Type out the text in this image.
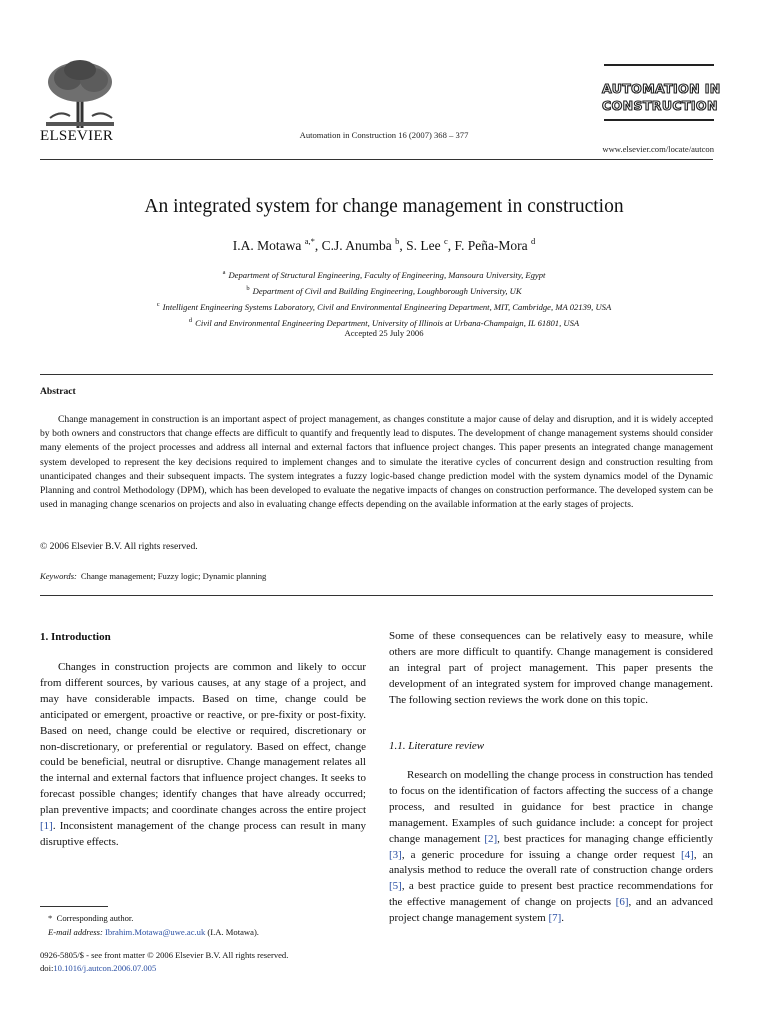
ELSEVIER	Automation in Construction 16 (2007) 368 – 377
AUTOMATION IN
CONSTRUCTION
www.elsevier.com/locate/autcon
An integrated system for change management in construction
I.A. Motawa $^{a,*}$, C.J. Anumba $^b$, S. Lee $^c$, F. Peña-Mora $^d$
$^a$ Department of Structural Engineering, Faculty of Engineering, Mansoura University, Egypt
$^b$ Department of Civil and Building Engineering, Loughborough University, UK
$^c$ Intelligent Engineering Systems Laboratory, Civil and Environmental Engineering Department, MIT, Cambridge, MA 02139, USA
$^d$ Civil and Environmental Engineering Department, University of Illinois at Urbana-Champaign, IL 61801, USA
Accepted 25 July 2006
Abstract

Change management in construction is an important aspect of project management, as changes constitute a major cause of delay and disruption, and it is widely accepted by both owners and constructors that change effects are difficult to quantify and frequently lead to disputes. The development of change management systems should consider many elements of the project processes and address all internal and external factors that influence project changes. This paper presents an integrated change management system developed to represent the key decisions required to implement changes and to simulate the iterative cycles of concurrent design and construction resulting from unanticipated changes and their subsequent impacts. The system integrates a fuzzy logic-based change prediction model with the system dynamics model of the Dynamic Planning and control Methodology (DPM), which has been developed to evaluate the negative impacts of changes on construction performance. The developed system can be used in managing change scenarios on projects and also in evaluating change effects depending on the available information at the early stages of projects.

© 2006 Elsevier B.V. All rights reserved.
Keywords: Change management; Fuzzy logic; Dynamic planning
1. Introduction

Changes in construction projects are common and likely to occur from different sources, by various causes, at any stage of a project, and may have considerable impacts. Based on time, change could be anticipated or emergent, proactive or reactive, or pre-fixity or post-fixity. Based on need, change could be elective or required, discretionary or non-discretionary, or preferential or regulatory. Based on effect, change could be beneficial, neutral or disruptive. Change management relates all the internal and external factors that influence project changes. It seeks to forecast possible changes; identify changes that have already occurred; plan preventive impacts; and coordinate changes across the entire project [1]. Inconsistent management of the change process can result in many disruptive effects.

Some of these consequences can be relatively easy to measure, while others are more difficult to quantify. Change management is considered an integral part of project management. This paper presents the development of an integrated system for improved change management. The following section reviews the work done on this topic.

1.1. Literature review

Research on modelling the change process in construction has tended to focus on the identification of factors affecting the success of a change process, and resulted in guidance for best practice in change management. Examples of such guidance include: a concept for project change management [2], best practices for managing change efficiently [3], a generic procedure for issuing a change order request [4], an analysis method to reduce the overall rate of construction change orders [5], a best practice guide to present best practice recommendations for the effective management of change on projects [6], and an advanced project change management system [7].

* Corresponding author.
E-mail address: Ibrahim.Motawa@uwe.ac.uk (I.A. Motawa).
0926-5805/$ - see front matter © 2006 Elsevier B.V. All rights reserved.
doi:10.1016/j.autcon.2006.07.005
